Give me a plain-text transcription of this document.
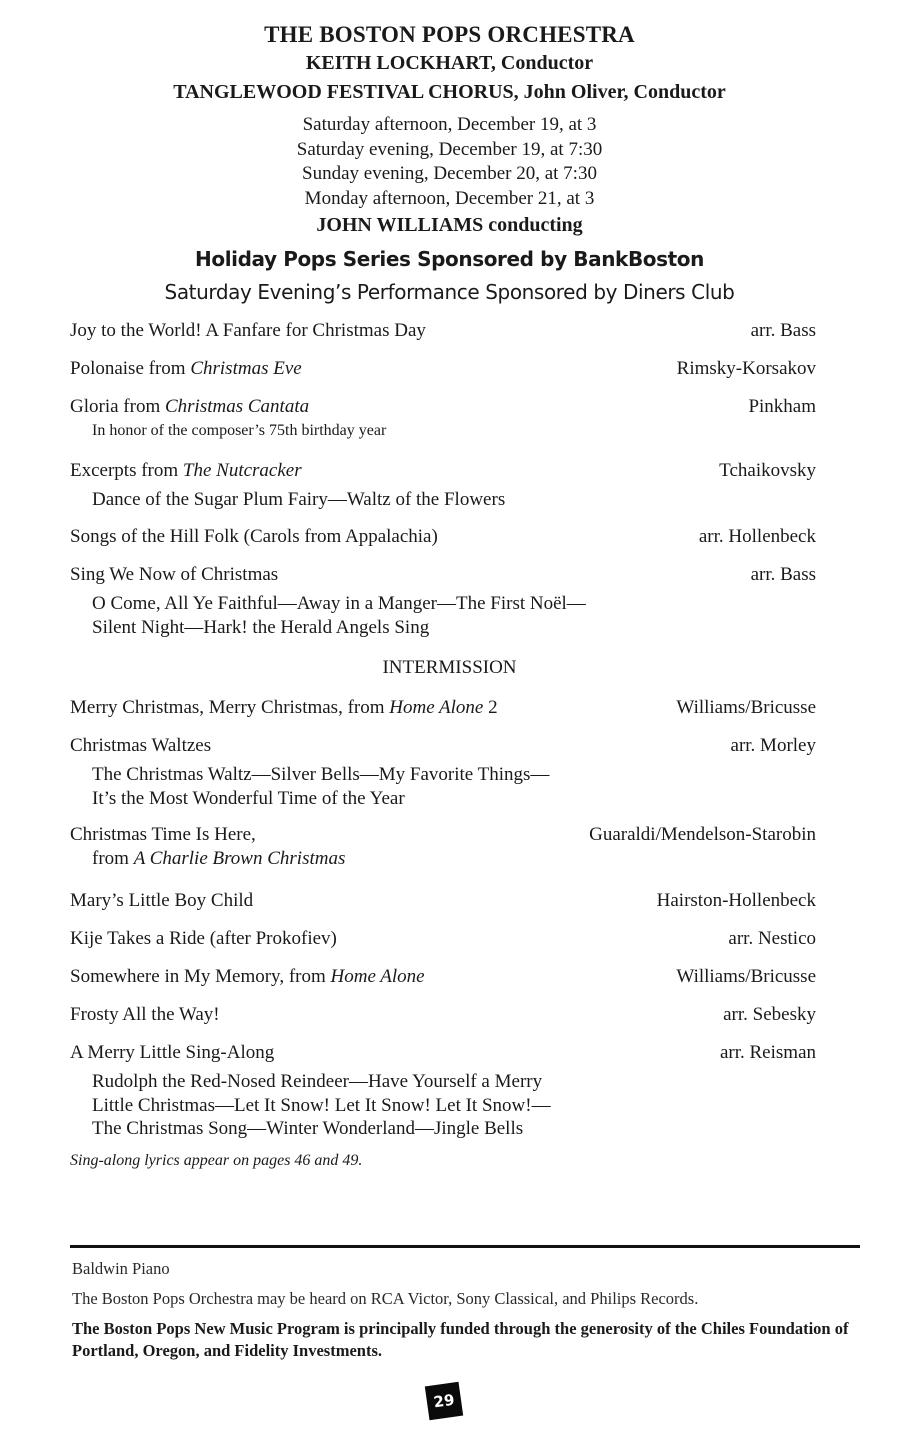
THE BOSTON POPS ORCHESTRA
KEITH LOCKHART, Conductor
TANGLEWOOD FESTIVAL CHORUS, John Oliver, Conductor
Saturday afternoon, December 19, at 3
Saturday evening, December 19, at 7:30
Sunday evening, December 20, at 7:30
Monday afternoon, December 21, at 3
JOHN WILLIAMS conducting
Holiday Pops Series Sponsored by BankBoston
Saturday Evening’s Performance Sponsored by Diners Club
Joy to the World! A Fanfare for Christmas Day	arr. Bass
Polonaise from Christmas Eve	Rimsky-Korsakov
Gloria from Christmas Cantata	Pinkham
In honor of the composer’s 75th birthday year
Excerpts from The Nutcracker	Tchaikovsky
Dance of the Sugar Plum Fairy—Waltz of the Flowers
Songs of the Hill Folk (Carols from Appalachia)	arr. Hollenbeck
Sing We Now of Christmas	arr. Bass
O Come, All Ye Faithful—Away in a Manger—The First Noël—
Silent Night—Hark! the Herald Angels Sing
INTERMISSION
Merry Christmas, Merry Christmas, from Home Alone 2	Williams/Bricusse
Christmas Waltzes	arr. Morley
The Christmas Waltz—Silver Bells—My Favorite Things—
It’s the Most Wonderful Time of the Year
Christmas Time Is Here,	Guaraldi/Mendelson-Starobin
from A Charlie Brown Christmas
Mary’s Little Boy Child	Hairston-Hollenbeck
Kije Takes a Ride (after Prokofiev)	arr. Nestico
Somewhere in My Memory, from Home Alone	Williams/Bricusse
Frosty All the Way!	arr. Sebesky
A Merry Little Sing-Along	arr. Reisman
Rudolph the Red-Nosed Reindeer—Have Yourself a Merry
Little Christmas—Let It Snow! Let It Snow! Let It Snow!—
The Christmas Song—Winter Wonderland—Jingle Bells
Sing-along lyrics appear on pages 46 and 49.
Baldwin Piano
The Boston Pops Orchestra may be heard on RCA Victor, Sony Classical, and Philips Records.
The Boston Pops New Music Program is principally funded through the generosity of the Chiles Foundation of Portland, Oregon, and Fidelity Investments.
29
